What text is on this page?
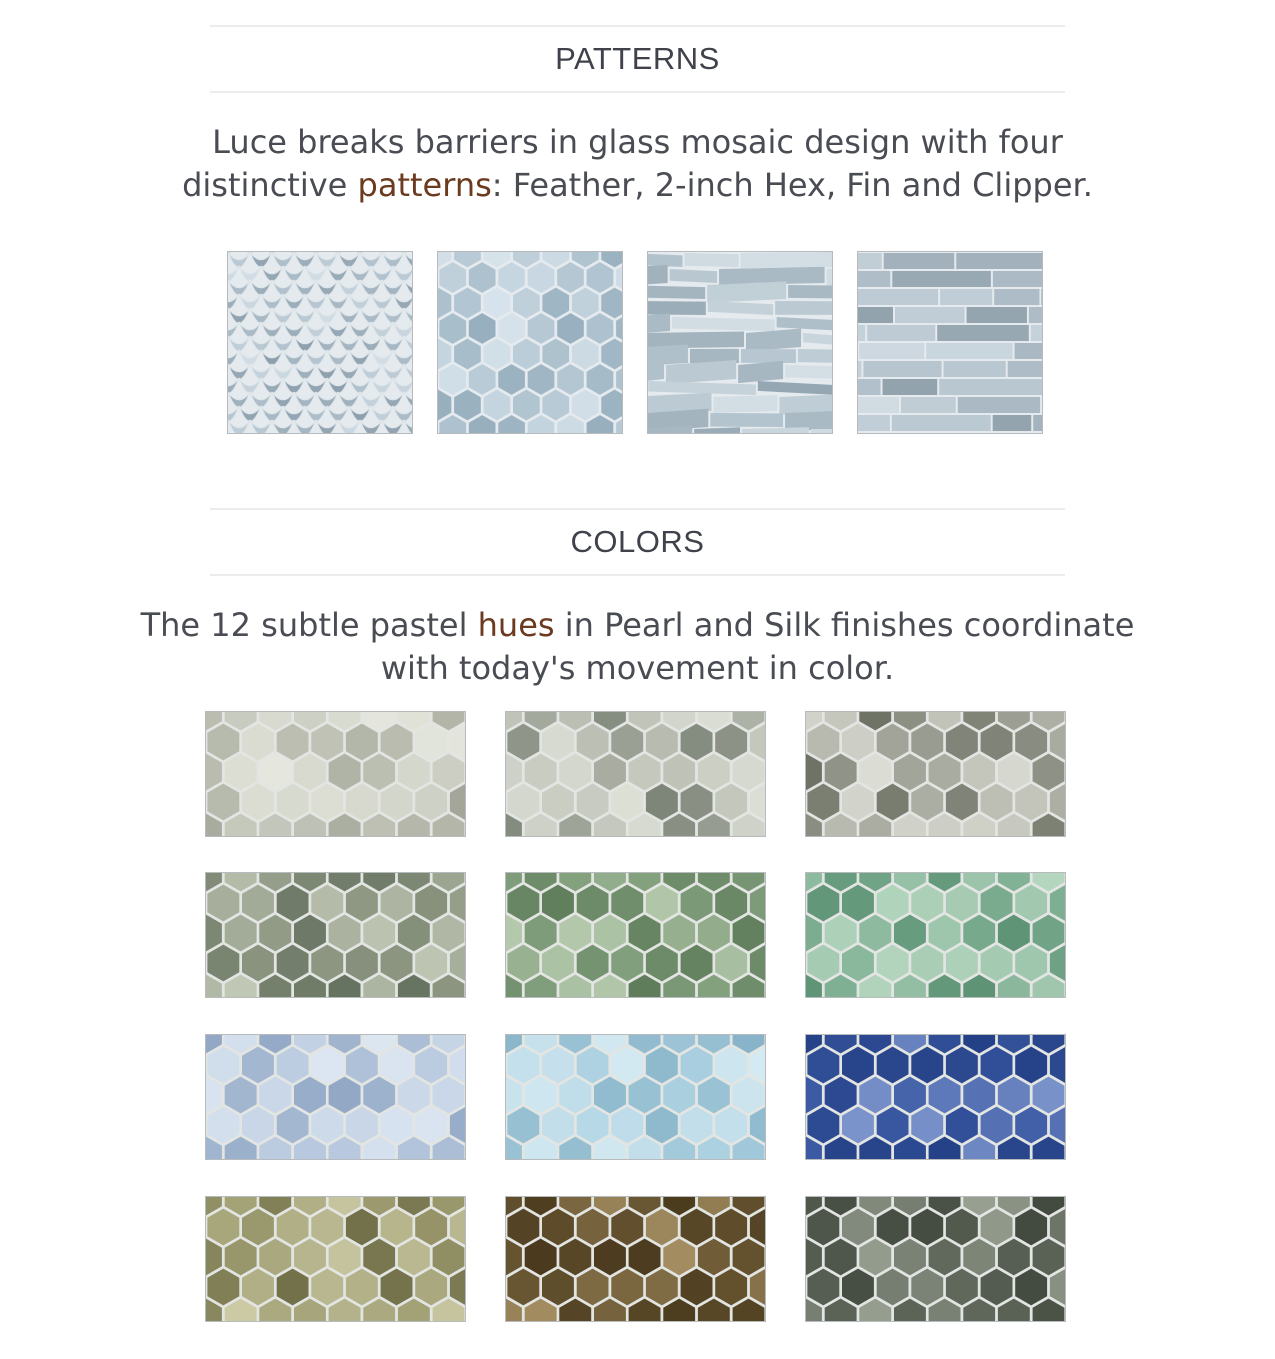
PATTERNS
Luce breaks barriers in glass mosaic design with four
distinctive patterns: Feather, 2-inch Hex, Fin and Clipper.
COLORS
The 12 subtle pastel hues in Pearl and Silk finishes coordinate
with today's movement in color.
